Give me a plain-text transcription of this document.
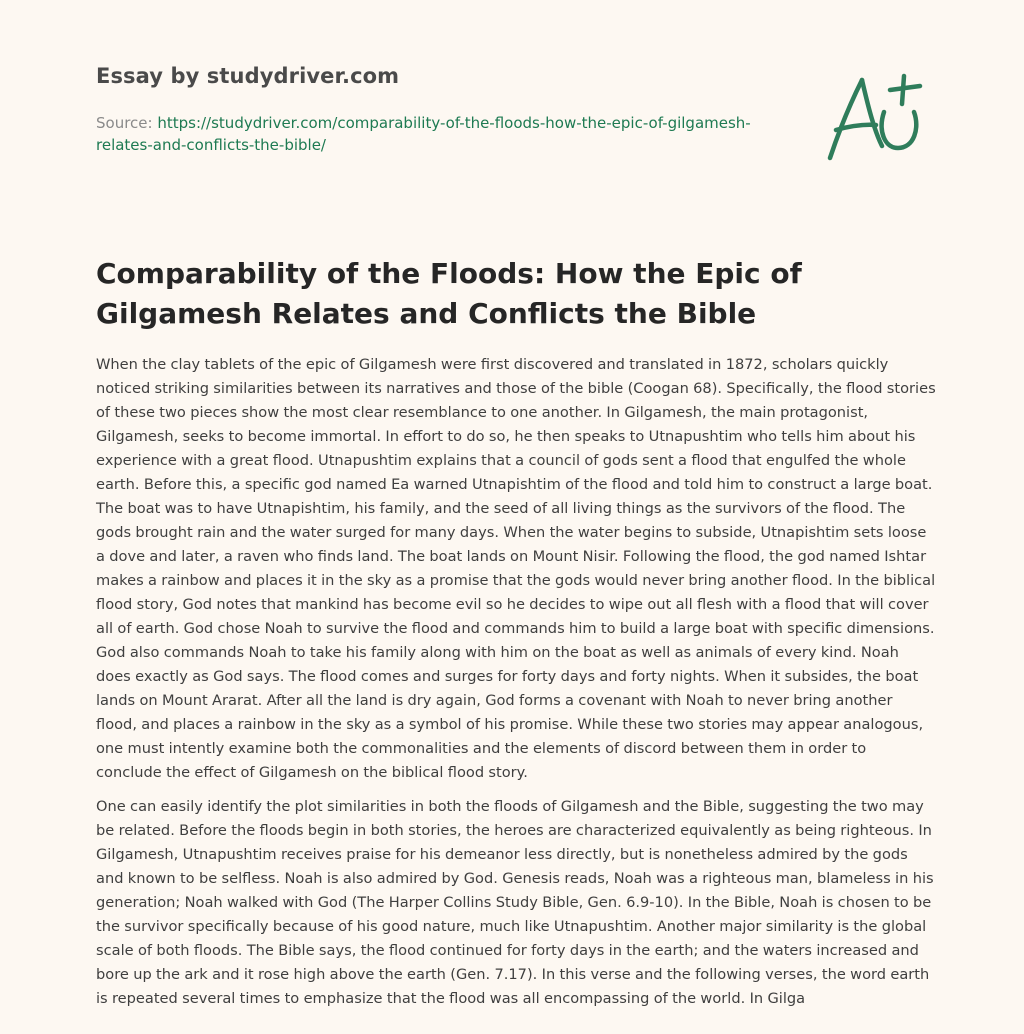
Essay by studydriver.com
Source: https://studydriver.com/comparability-of-the-floods-how-the-epic-of-gilgamesh-relates-and-conflicts-the-bible/
Comparability of the Floods: How the Epic of Gilgamesh Relates and Conflicts the Bible

When the clay tablets of the epic of Gilgamesh were first discovered and translated in 1872, scholars quickly noticed striking similarities between its narratives and those of the bible (Coogan 68). Specifically, the flood stories of these two pieces show the most clear resemblance to one another. In Gilgamesh, the main protagonist, Gilgamesh, seeks to become immortal. In effort to do so, he then speaks to Utnapushtim who tells him about his experience with a great flood. Utnapushtim explains that a council of gods sent a flood that engulfed the whole earth. Before this, a specific god named Ea warned Utnapishtim of the flood and told him to construct a large boat. The boat was to have Utnapishtim, his family, and the seed of all living things as the survivors of the flood. The gods brought rain and the water surged for many days. When the water begins to subside, Utnapishtim sets loose a dove and later, a raven who finds land. The boat lands on Mount Nisir. Following the flood, the god named Ishtar makes a rainbow and places it in the sky as a promise that the gods would never bring another flood. In the biblical flood story, God notes that mankind has become evil so he decides to wipe out all flesh with a flood that will cover all of earth. God chose Noah to survive the flood and commands him to build a large boat with specific dimensions. God also commands Noah to take his family along with him on the boat as well as animals of every kind. Noah does exactly as God says. The flood comes and surges for forty days and forty nights. When it subsides, the boat lands on Mount Ararat. After all the land is dry again, God forms a covenant with Noah to never bring another flood, and places a rainbow in the sky as a symbol of his promise. While these two stories may appear analogous, one must intently examine both the commonalities and the elements of discord between them in order to conclude the effect of Gilgamesh on the biblical flood story.

One can easily identify the plot similarities in both the floods of Gilgamesh and the Bible, suggesting the two may be related. Before the floods begin in both stories, the heroes are characterized equivalently as being righteous. In Gilgamesh, Utnapushtim receives praise for his demeanor less directly, but is nonetheless admired by the gods and known to be selfless. Noah is also admired by God. Genesis reads, Noah was a righteous man, blameless in his generation; Noah walked with God (The Harper Collins Study Bible, Gen. 6.9-10). In the Bible, Noah is chosen to be the survivor specifically because of his good nature, much like Utnapushtim. Another major similarity is the global scale of both floods. The Bible says, the flood continued for forty days in the earth; and the waters increased and bore up the ark and it rose high above the earth (Gen. 7.17). In this verse and the following verses, the word earth is repeated several times to emphasize that the flood was all encompassing of the world. In Gilga
